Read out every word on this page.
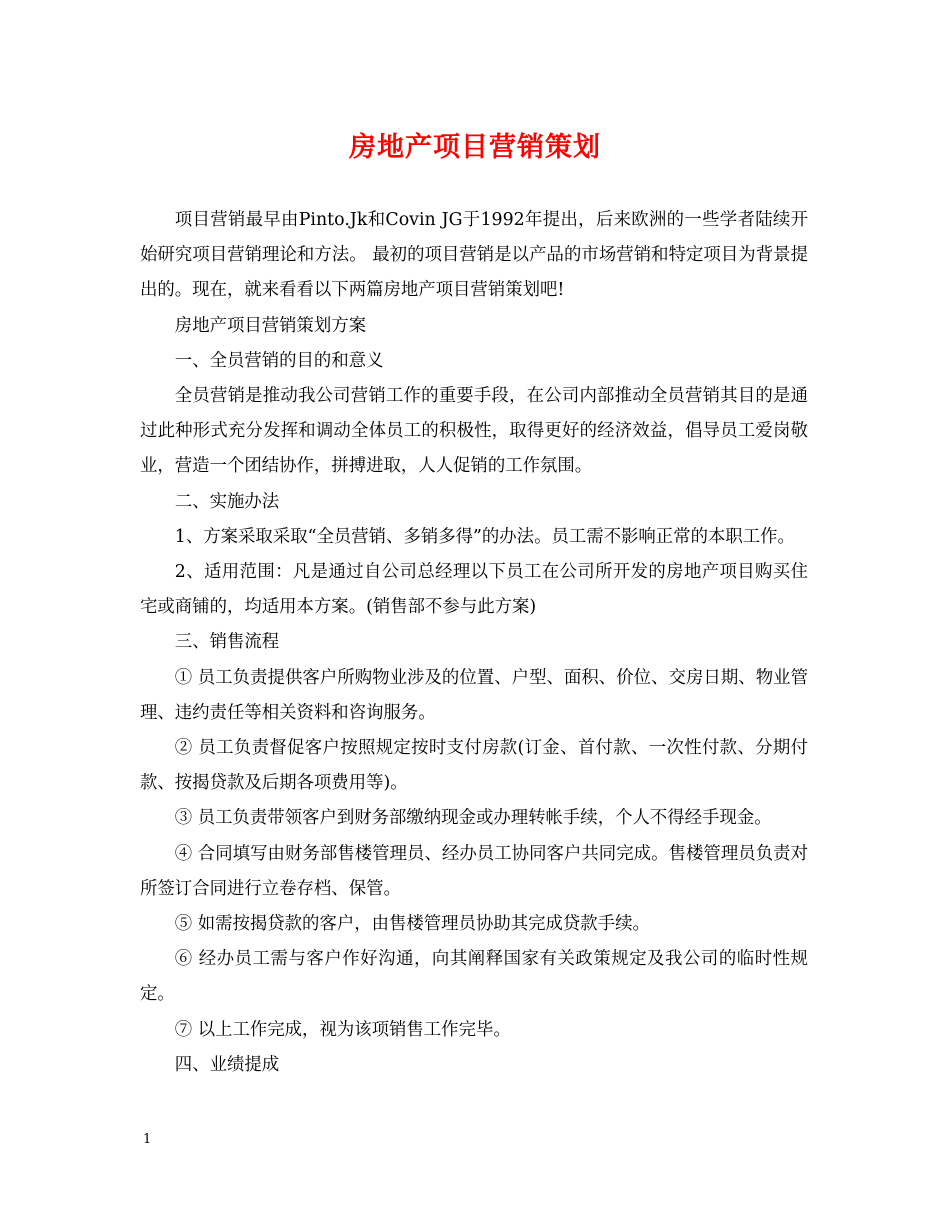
房地产项目营销策划

项目营销最早由Pinto.Jk和Covin JG于1992年提出，后来欧洲的一些学者陆续开始研究项目营销理论和方法。 最初的项目营销是以产品的市场营销和特定项目为背景提出的。现在，就来看看以下两篇房地产项目营销策划吧!

房地产项目营销策划方案

一、全员营销的目的和意义

全员营销是推动我公司营销工作的重要手段，在公司内部推动全员营销其目的是通过此种形式充分发挥和调动全体员工的积极性，取得更好的经济效益，倡导员工爱岗敬业，营造一个团结协作，拼搏进取，人人促销的工作氛围。

二、实施办法

1、方案采取采取“全员营销、多销多得”的办法。员工需不影响正常的本职工作。

2、适用范围：凡是通过自公司总经理以下员工在公司所开发的房地产项目购买住宅或商铺的，均适用本方案。(销售部不参与此方案)

三、销售流程

① 员工负责提供客户所购物业涉及的位置、户型、面积、价位、交房日期、物业管理、违约责任等相关资料和咨询服务。

② 员工负责督促客户按照规定按时支付房款(订金、首付款、一次性付款、分期付款、按揭贷款及后期各项费用等)。

③ 员工负责带领客户到财务部缴纳现金或办理转帐手续，个人不得经手现金。

④ 合同填写由财务部售楼管理员、经办员工协同客户共同完成。售楼管理员负责对所签订合同进行立卷存档、保管。

⑤ 如需按揭贷款的客户，由售楼管理员协助其完成贷款手续。

⑥ 经办员工需与客户作好沟通，向其阐释国家有关政策规定及我公司的临时性规定。

⑦ 以上工作完成，视为该项销售工作完毕。

四、业绩提成

1
